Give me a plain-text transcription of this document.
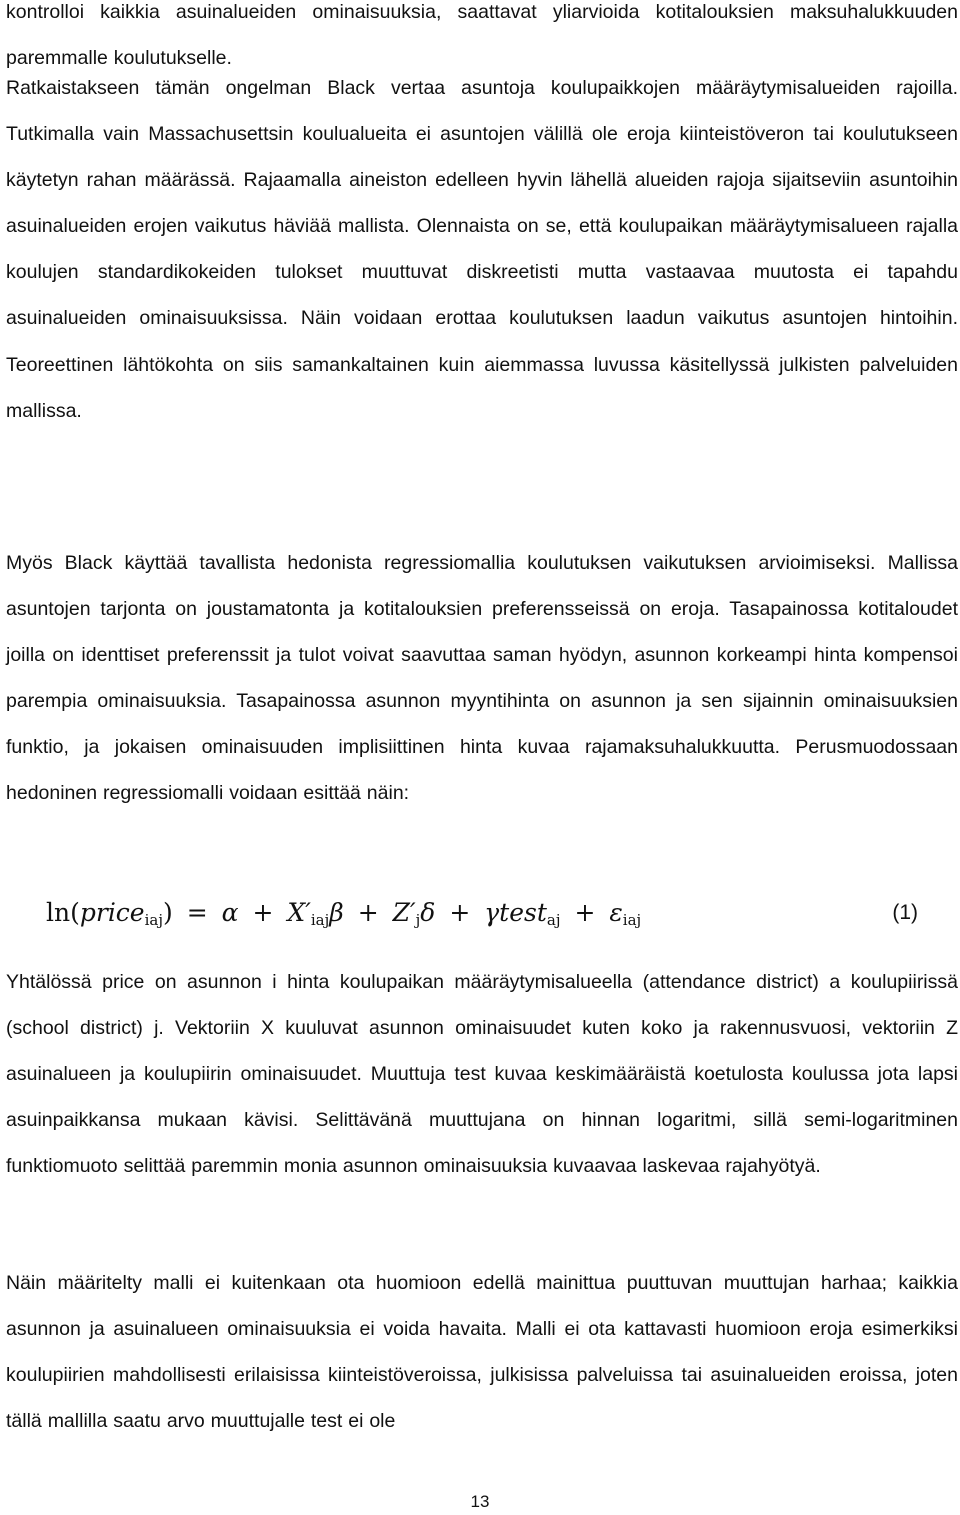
kontrolloi kaikkia asuinalueiden ominaisuuksia, saattavat yliarvioida kotitalouksien maksuhalukkuuden paremmalle koulutukselle.

Ratkaistakseen tämän ongelman Black vertaa asuntoja koulupaikkojen määräytymisalueiden rajoilla. Tutkimalla vain Massachusettsin koulualueita ei asuntojen välillä ole eroja kiinteistöveron tai koulutukseen käytetyn rahan määrässä. Rajaamalla aineiston edelleen hyvin lähellä alueiden rajoja sijaitseviin asuntoihin asuinalueiden erojen vaikutus häviää mallista. Olennaista on se, että koulupaikan määräytymisalueen rajalla koulujen standardikokeiden tulokset muuttuvat diskreetisti mutta vastaavaa muutosta ei tapahdu asuinalueiden ominaisuuksissa. Näin voidaan erottaa koulutuksen laadun vaikutus asuntojen hintoihin. Teoreettinen lähtökohta on siis samankaltainen kuin aiemmassa luvussa käsitellyssä julkisten palveluiden mallissa.

Myös Black käyttää tavallista hedonista regressiomallia koulutuksen vaikutuksen arvioimiseksi. Mallissa asuntojen tarjonta on joustamatonta ja kotitalouksien preferensseissä on eroja. Tasapainossa kotitaloudet joilla on identtiset preferenssit ja tulot voivat saavuttaa saman hyödyn, asunnon korkeampi hinta kompensoi parempia ominaisuuksia. Tasapainossa asunnon myyntihinta on asunnon ja sen sijainnin ominaisuuksien funktio, ja jokaisen ominaisuuden implisiittinen hinta kuvaa rajamaksuhalukkuutta. Perusmuodossaan hedoninen regressiomalli voidaan esittää näin:

ln(price$_{iaj}$) = $\alpha + X'_{iaj}\beta + Z'_j\delta$ + γtest$_{aj}$ + $\varepsilon_{iaj}$	(1)

Yhtälössä price on asunnon i hinta koulupaikan määräytymisalueella (attendance district) a koulupiirissä (school district) j. Vektoriin X kuuluvat asunnon ominaisuudet kuten koko ja rakennusvuosi, vektoriin Z asuinalueen ja koulupiirin ominaisuudet. Muuttuja test kuvaa keskimääräistä koetulosta koulussa jota lapsi asuinpaikkansa mukaan kävisi. Selittävänä muuttujana on hinnan logaritmi, sillä semi-logaritminen funktiomuoto selittää paremmin monia asunnon ominaisuuksia kuvaavaa laskevaa rajahyötyä.

Näin määritelty malli ei kuitenkaan ota huomioon edellä mainittua puuttuvan muuttujan harhaa; kaikkia asunnon ja asuinalueen ominaisuuksia ei voida havaita. Malli ei ota kattavasti huomioon eroja esimerkiksi koulupiirien mahdollisesti erilaisissa kiinteistöveroissa, julkisissa palveluissa tai asuinalueiden eroissa, joten tällä mallilla saatu arvo muuttujalle test ei ole

13
